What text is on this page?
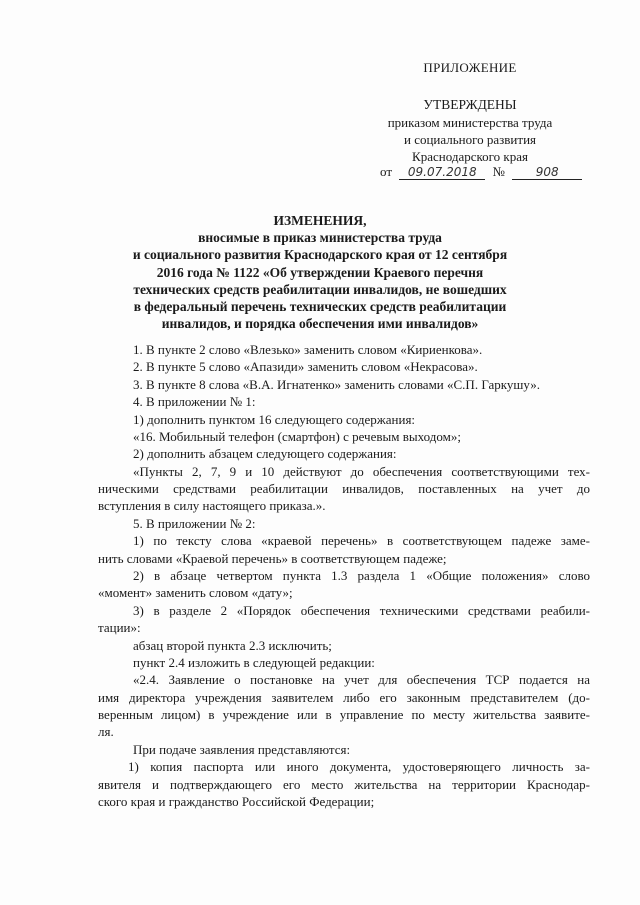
ПРИЛОЖЕНИЕ
УТВЕРЖДЕНЫ
приказом министерства труда
и социального развития
Краснодарского края
от 09.07.2018 №	908
ИЗМЕНЕНИЯ,
вносимые в приказ министерства труда
и социального развития Краснодарского края от 12 сентября
2016 года № 1122 «Об утверждении Краевого перечня
технических средств реабилитации инвалидов, не вошедших
в федеральный перечень технических средств реабилитации
инвалидов, и порядка обеспечения ими инвалидов»
1. В пункте 2 слово «Влезько» заменить словом «Кириенкова».
2. В пункте 5 слово «Апазиди» заменить словом «Некрасова».
3. В пункте 8 слова «В.А. Игнатенко» заменить словами «С.П. Гаркушу».
4. В приложении № 1:
1) дополнить пунктом 16 следующего содержания:
«16. Мобильный телефон (смартфон) с речевым выходом»;
2) дополнить абзацем следующего содержания:
«Пункты 2, 7, 9 и 10 действуют до обеспечения соответствующими тех-
ническими средствами реабилитации инвалидов, поставленных на учет до
вступления в силу настоящего приказа.».
5. В приложении № 2:
1) по тексту слова «краевой перечень» в соответствующем падеже заме-
нить словами «Краевой перечень» в соответствующем падеже;
2) в абзаце четвертом пункта 1.3 раздела 1 «Общие положения» слово
«момент» заменить словом «дату»;
3) в разделе 2 «Порядок обеспечения техническими средствами реабили-
тации»:
абзац второй пункта 2.3 исключить;
пункт 2.4 изложить в следующей редакции:
«2.4. Заявление о постановке на учет для обеспечения ТСР подается на
имя директора учреждения заявителем либо его законным представителем (до-
веренным лицом) в учреждение или в управление по месту жительства заявите-
ля.
При подаче заявления представляются:
1) копия паспорта или иного документа, удостоверяющего личность за-
явителя и подтверждающего его место жительства на территории Краснодар-
ского края и гражданство Российской Федерации;
